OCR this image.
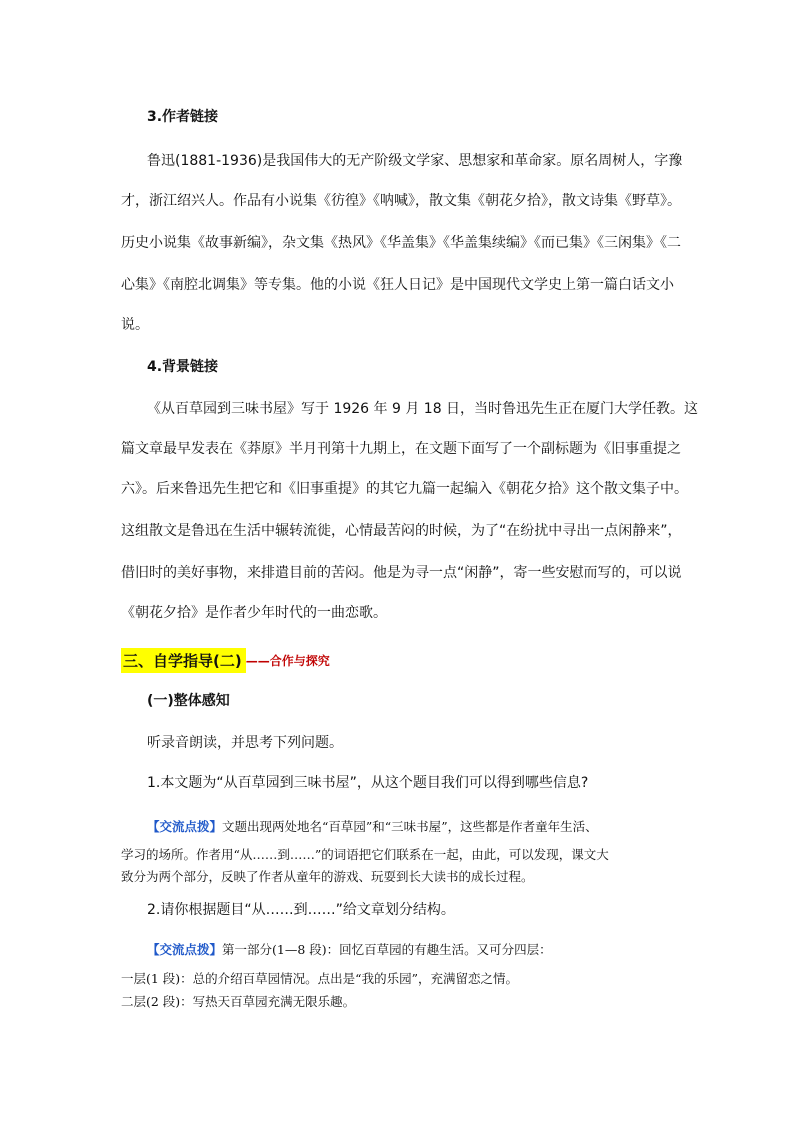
3.作者链接
鲁迅(1881-1936)是我国伟大的无产阶级文学家、思想家和革命家。原名周树人，字豫
才，浙江绍兴人。作品有小说集《彷徨》《呐喊》，散文集《朝花夕拾》，散文诗集《野草》。
历史小说集《故事新编》，杂文集《热风》《华盖集》《华盖集续编》《而已集》《三闲集》《二
心集》《南腔北调集》等专集。他的小说《狂人日记》是中国现代文学史上第一篇白话文小
说。
4.背景链接
《从百草园到三味书屋》写于 1926 年 9 月 18 日，当时鲁迅先生正在厦门大学任教。这
篇文章最早发表在《莽原》半月刊第十九期上，在文题下面写了一个副标题为《旧事重提之
六》。后来鲁迅先生把它和《旧事重提》的其它九篇一起编入《朝花夕拾》这个散文集子中。
这组散文是鲁迅在生活中辗转流徙，心情最苦闷的时候，为了“在纷扰中寻出一点闲静来”，
借旧时的美好事物，来排遣目前的苦闷。他是为寻一点“闲静”，寄一些安慰而写的，可以说
《朝花夕拾》是作者少年时代的一曲恋歌。
三、自学指导(二) ——合作与探究
(一)整体感知
听录音朗读，并思考下列问题。
1.本文题为“从百草园到三味书屋”，从这个题目我们可以得到哪些信息?
【交流点拨】文题出现两处地名“百草园”和“三味书屋”，这些都是作者童年生活、
学习的场所。作者用“从……到……”的词语把它们联系在一起，由此，可以发现，课文大
致分为两个部分，反映了作者从童年的游戏、玩耍到长大读书的成长过程。
2.请你根据题目“从……到……”给文章划分结构。
【交流点拨】第一部分(1—8 段)：回忆百草园的有趣生活。又可分四层：
一层(1 段)：总的介绍百草园情况。点出是“我的乐园”，充满留恋之情。
二层(2 段)：写热天百草园充满无限乐趣。
